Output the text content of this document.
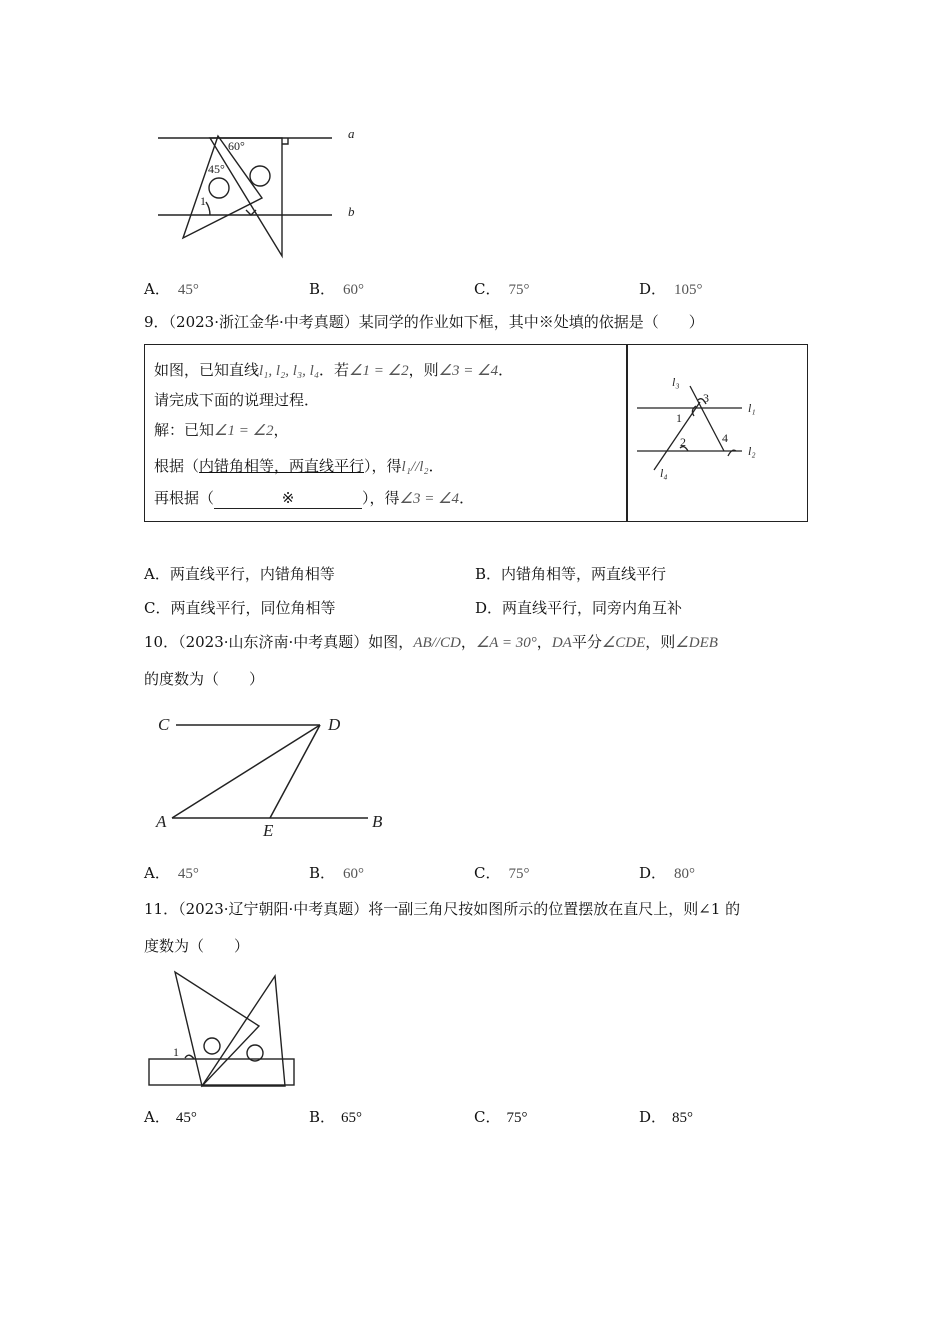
60°
45°
1
a
b
A． 45°	B． 60°	C． 75°	D． 105°
9．（2023·浙江金华·中考真题）某同学的作业如下框，其中※处填的依据是（　　）
如图，已知直线l₁, l₂, l₃, l₄．若∠1 = ∠2，则∠3 = ∠4．
请完成下面的说理过程．
解：已知∠1 = ∠2，
根据（内错角相等，两直线平行），得l₁//l₂．
再根据（	※	），得∠3 = ∠4．
l₃
l₄
l₁
l₂
1
2
3
4
A．两直线平行，内错角相等	B．内错角相等，两直线平行
C．两直线平行，同位角相等	D．两直线平行，同旁内角互补
10．（2023·山东济南·中考真题）如图，AB//CD，∠A = 30°，DA平分∠CDE，则∠DEB
的度数为（　　）
C	D
A	E	B
A． 45°	B． 60°	C． 75°	D． 80°
11．（2023·辽宁朝阳·中考真题）将一副三角尺按如图所示的位置摆放在直尺上，则∠1 的
度数为（　　）
1
A． 45°	B． 65°	C． 75°	D． 85°
